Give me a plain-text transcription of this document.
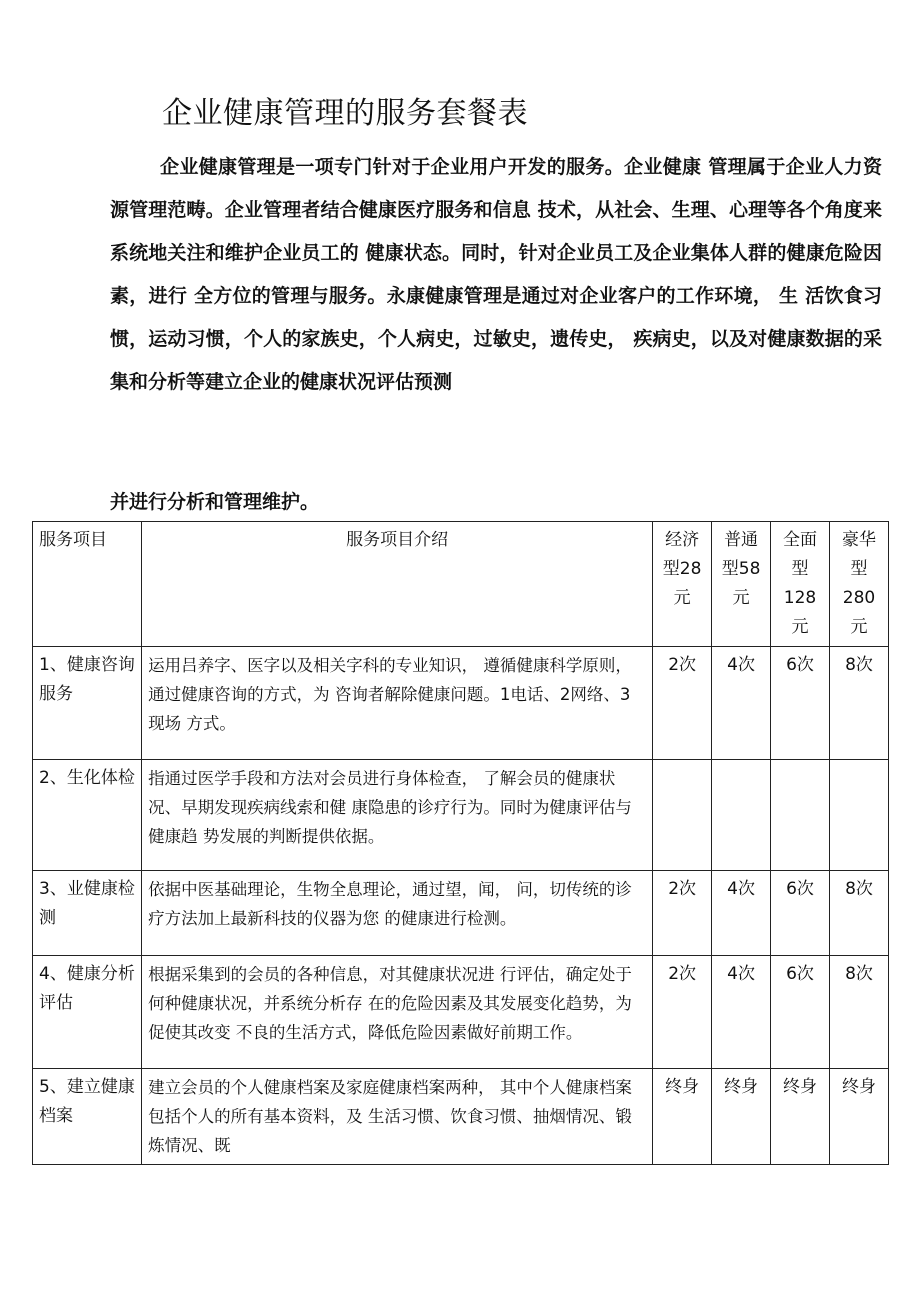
企业健康管理的服务套餐表

企业健康管理是一项专门针对于企业用户开发的服务。企业健康 管理属于企业人力资源管理范畴。企业管理者结合健康医疗服务和信息 技术，从社会、生理、心理等各个角度来系统地关注和维护企业员工的 健康状态。同时，针对企业员工及企业集体人群的健康危险因素，进行 全方位的管理与服务。永康健康管理是通过对企业客户的工作环境， 生 活饮食习惯，运动习惯，个人的家族史，个人病史，过敏史，遗传史， 疾病史，以及对健康数据的采集和分析等建立企业的健康状况评估预测

并进行分析和管理维护。

服务项目	服务项目介绍	经济型28元	普通型58元	全面型128元	豪华型280元
1、健康咨询服务	运用吕养字、医字以及相关字科的专业知识， 遵循健康科学原则，通过健康咨询的方式，为 咨询者解除健康问题。1电话、2网络、3现场 方式。	2次	4次	6次	8次
2、生化体检	指通过医学手段和方法对会员进行身体检查， 了解会员的健康状况、早期发现疾病线索和健 康隐患的诊疗行为。同时为健康评估与健康趋 势发展的判断提供依据。				
3、业健康检测	依据中医基础理论，生物全息理论，通过望，闻， 问，切传统的诊疗方法加上最新科技的仪器为您 的健康进行检测。	2次	4次	6次	8次
4、健康分析评估	根据采集到的会员的各种信息，对其健康状况进 行评估，确定处于何种健康状况，并系统分析存 在的危险因素及其发展变化趋势，为促使其改变 不良的生活方式，降低危险因素做好前期工作。	2次	4次	6次	8次
5、建立健康档案	建立会员的个人健康档案及家庭健康档案两种， 其中个人健康档案包括个人的所有基本资料，及 生活习惯、饮食习惯、抽烟情况、锻炼情况、既	终身	终身	终身	终身
